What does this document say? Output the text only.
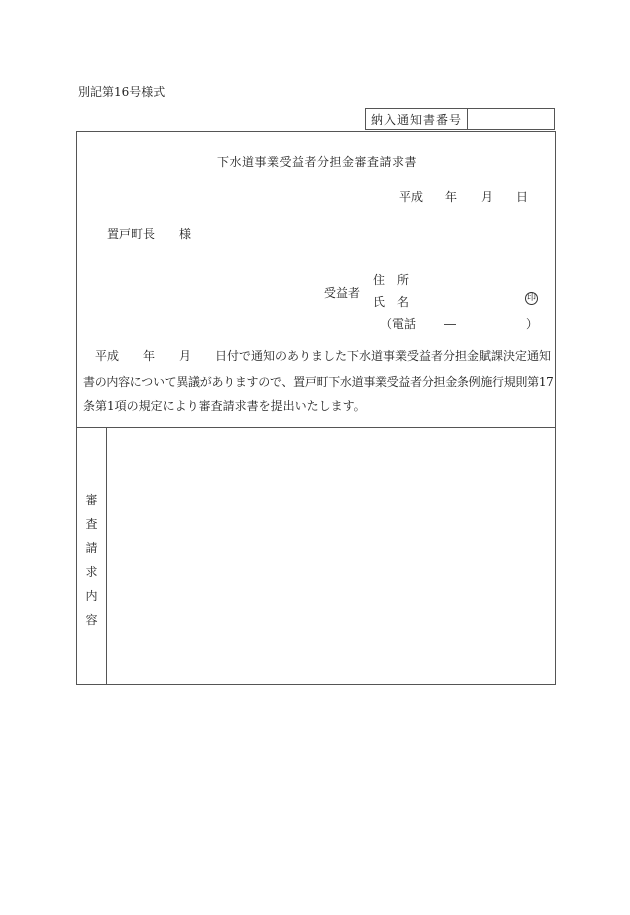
別記第16号様式
納入通知書番号
下水道事業受益者分担金審査請求書
平成 年 月 日
置戸町長 様
受益者
住　所
氏　名	印
（電話 ―	）
平成 年 月 日付で通知のありました下水道事業受益者分担金賦課決定通知
書の内容について異議がありますので、置戸町下水道事業受益者分担金条例施行規則第17
条第1項の規定により審査請求書を提出いたします。
審
査
請
求
内
容
